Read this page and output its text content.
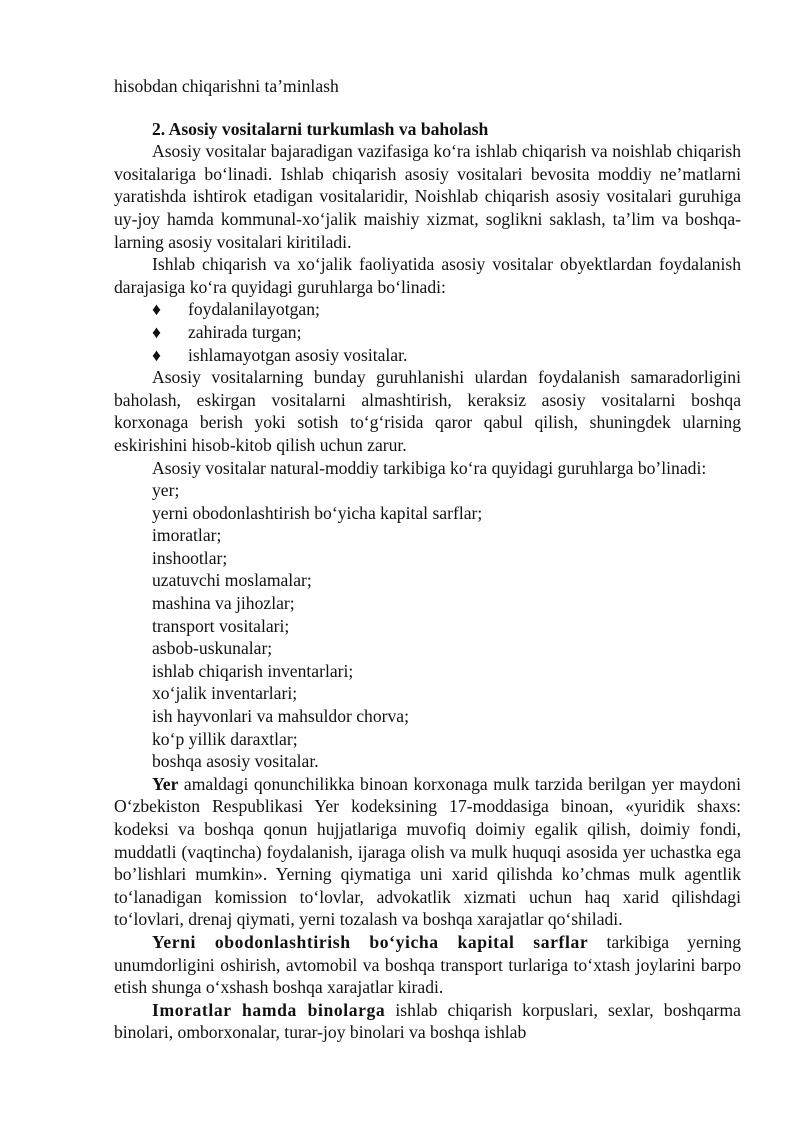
hisobdan chiqarishni ta’minlash

2. Asosiy vositalarni turkumlash va baholash

Asosiy vositalar bajaradigan vazifasiga ko‘ra ishlab chiqarish va noishlab chiqarish vositalariga bo‘linadi. Ishlab chiqarish asosiy vositalari bevosita moddiy ne’matlarni yaratishda ishtirok etadigan vositalaridir, Noishlab chiqarish asosiy vositalari guruhiga uy-joy hamda kommunal-xo‘jalik maishiy xizmat, soglikni saklash, ta’lim va boshqa-larning asosiy vositalari kiritiladi.

Ishlab chiqarish va xo‘jalik faoliyatida asosiy vositalar obyektlardan foydalanish darajasiga ko‘ra quyidagi guruhlarga bo‘linadi:

♦	foydalanilayotgan;
♦	zahirada turgan;
♦	ishlamayotgan asosiy vositalar.

Asosiy vositalarning bunday guruhlanishi ulardan foydalanish samaradorligini baholash, eskirgan vositalarni almashtirish, keraksiz asosiy vositalarni boshqa korxonaga berish yoki sotish to‘g‘risida qaror qabul qilish, shuningdek ularning eskirishini hisob-kitob qilish uchun zarur.

Asosiy vositalar natural-moddiy tarkibiga ko‘ra quyidagi guruhlarga bo’linadi:

yer;

yerni obodonlashtirish bo‘yicha kapital sarflar;

imoratlar;

inshootlar;

uzatuvchi moslamalar;

mashina va jihozlar;

transport vositalari;

asbob-uskunalar;

ishlab chiqarish inventarlari;

xo‘jalik inventarlari;

ish hayvonlari va mahsuldor chorva;

ko‘p yillik daraxtlar;

boshqa asosiy vositalar.

Yer amaldagi qonunchilikka binoan korxonaga mulk tarzida berilgan yer maydoni O‘zbekiston Respublikasi Yer kodeksining 17-moddasiga binoan, «yuridik shaxs: kodeksi va boshqa qonun hujjatlariga muvofiq doimiy egalik qilish, doimiy fondi, muddatli (vaqtincha) foydalanish, ijaraga olish va mulk huquqi asosida yer uchastka ega bo’lishlari mumkin». Yerning qiymatiga uni xarid qilishda ko’chmas mulk agentlik to‘lanadigan komission to‘lovlar, advokatlik xizmati uchun haq xarid qilishdagi to‘lovlari, drenaj qiymati, yerni tozalash va boshqa xarajatlar qo‘shiladi.

Yerni obodonlashtirish bo‘yicha kapital sarflar tarkibiga yerning unumdorligini oshirish, avtomobil va boshqa transport turlariga to‘xtash joylarini barpo etish shunga o‘xshash boshqa xarajatlar kiradi.

Imoratlar hamda binolarga ishlab chiqarish korpuslari, sexlar, boshqarma binolari, omborxonalar, turar-joy binolari va boshqa ishlab
